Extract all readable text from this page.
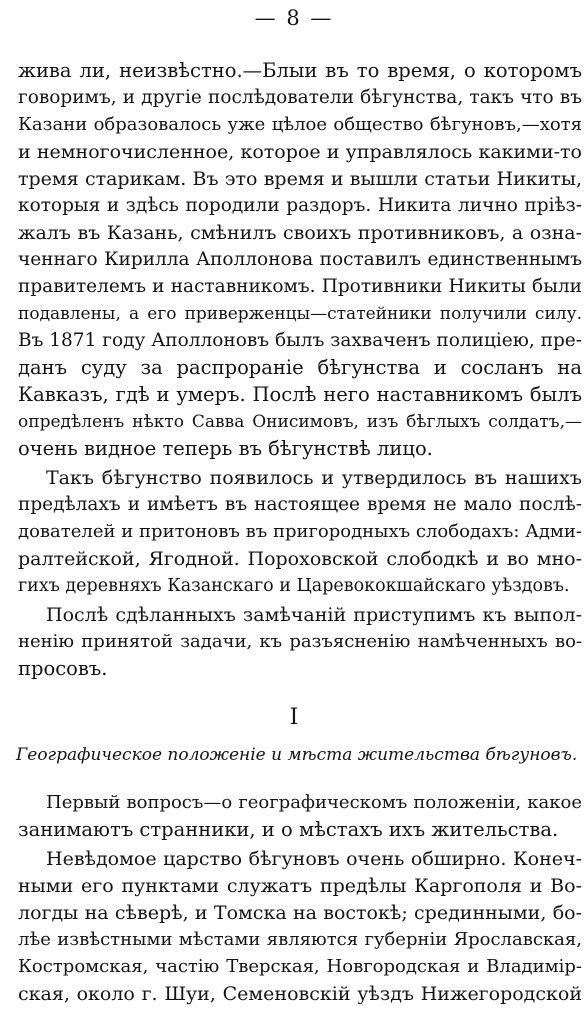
— 8 —
жива ли, неизвѣстно.—Блыи въ то время, о которомъ
говоримъ, и другіе послѣдователи бѣгунства, такъ что въ
Казани образовалось уже цѣлое общество бѣгуновъ,—хотя
и немногочисленное, которое и управлялось какими-то
тремя старикам. Въ это время и вышли статьи Никиты,
которыя и здѣсь породили раздоръ. Никита лично пріѣз-
жалъ въ Казань, смѣнилъ своихъ противниковъ, а озна-
ченнаго Кирилла Аполлонова поставилъ единственнымъ
правителемъ и наставникомъ. Противники Никиты были
подавлены, а его приверженцы—статейники получили силу.
Въ 1871 году Аполлоновъ былъ захваченъ полиціею, пре-
данъ суду за распрораніе бѣгунства и сосланъ на
Кавказъ, гдѣ и умеръ. Послѣ него наставникомъ былъ
опредѣленъ нѣкто Савва Онисимовъ, изъ бѣглыхъ солдатъ,—
очень видное теперь въ бѣгунствѣ лицо.
Такъ бѣгунство появилось и утвердилось въ нашихъ
предѣлахъ и имѣетъ въ настоящее время не мало послѣ-
дователей и притоновъ въ пригородныхъ слободахъ: Адми-
ралтейской, Ягодной. Пороховской слободкѣ и во мно-
гихъ деревняхъ Казанскаго и Царевококшайскаго уѣздовъ.
Послѣ сдѣланныхъ замѣчаній приступимъ къ выпол-
ненію принятой задачи, къ разъясненію намѣченныхъ во-
просовъ.
I
Географическое положеніе и мѣста жительства бѣгуновъ.
Первый вопросъ—о географическомъ положеніи, какое
занимаютъ странники, и о мѣстахъ ихъ жительства.
Невѣдомое царство бѣгуновъ очень обширно. Конеч-
ными его пунктами служатъ предѣлы Каргополя и Во-
логды на сѣверѣ, и Томска на востокѣ; срединными, бо-
лѣе извѣстными мѣстами являются губерніи Ярославская,
Костромская, частію Тверская, Новгородская и Владимір-
ская, около г. Шуи, Семеновскій уѣздъ Нижегородской
